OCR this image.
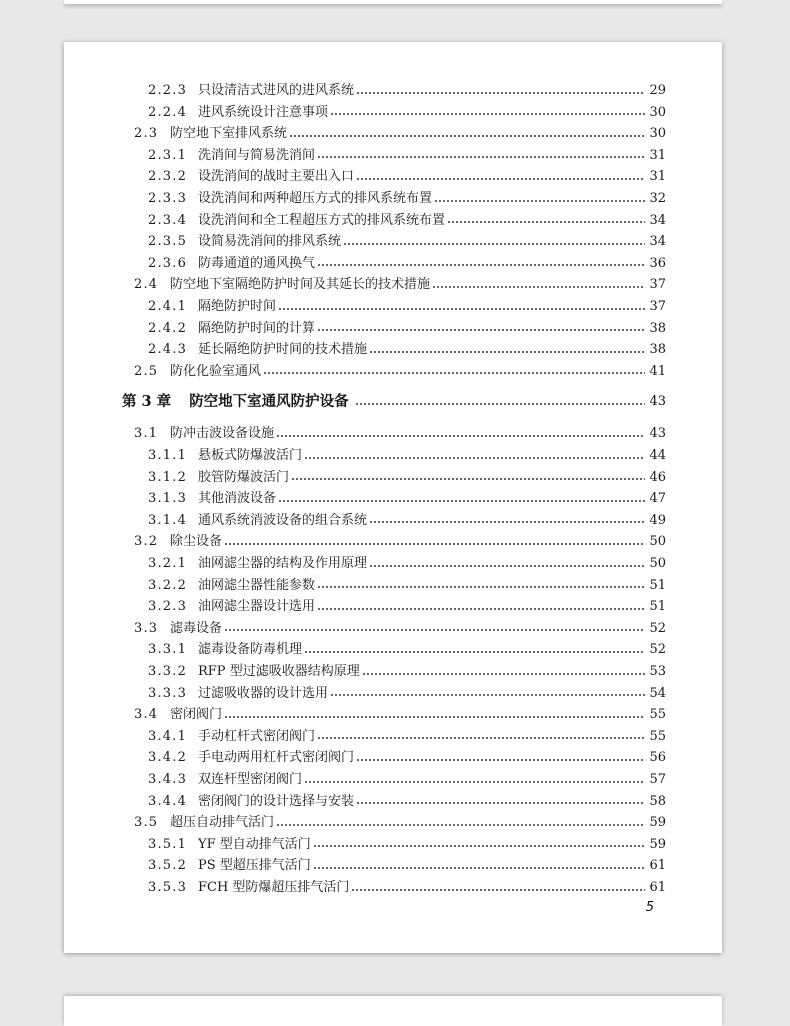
2.2.3 只设清洁式进风的进风系统	29
2.2.4 进风系统设计注意事项	30
2.3 防空地下室排风系统	30
2.3.1 洗消间与简易洗消间	31
2.3.2 设洗消间的战时主要出入口	31
2.3.3 设洗消间和两种超压方式的排风系统布置	32
2.3.4 设洗消间和全工程超压方式的排风系统布置	34
2.3.5 设简易洗消间的排风系统	34
2.3.6 防毒通道的通风换气	36
2.4 防空地下室隔绝防护时间及其延长的技术措施	37
2.4.1 隔绝防护时间	37
2.4.2 隔绝防护时间的计算	38
2.4.3 延长隔绝防护时间的技术措施	38
2.5 防化化验室通风	41
第 3 章 防空地下室通风防护设备	43
3.1 防冲击波设备设施	43
3.1.1 悬板式防爆波活门	44
3.1.2 胶管防爆波活门	46
3.1.3 其他消波设备	47
3.1.4 通风系统消波设备的组合系统	49
3.2 除尘设备	50
3.2.1 油网滤尘器的结构及作用原理	50
3.2.2 油网滤尘器性能参数	51
3.2.3 油网滤尘器设计选用	51
3.3 滤毒设备	52
3.3.1 滤毒设备防毒机理	52
3.3.2 RFP 型过滤吸收器结构原理	53
3.3.3 过滤吸收器的设计选用	54
3.4 密闭阀门	55
3.4.1 手动杠杆式密闭阀门	55
3.4.2 手电动两用杠杆式密闭阀门	56
3.4.3 双连杆型密闭阀门	57
3.4.4 密闭阀门的设计选择与安装	58
3.5 超压自动排气活门	59
3.5.1 YF 型自动排气活门	59
3.5.2 PS 型超压排气活门	61
3.5.3 FCH 型防爆超压排气活门	61
5
